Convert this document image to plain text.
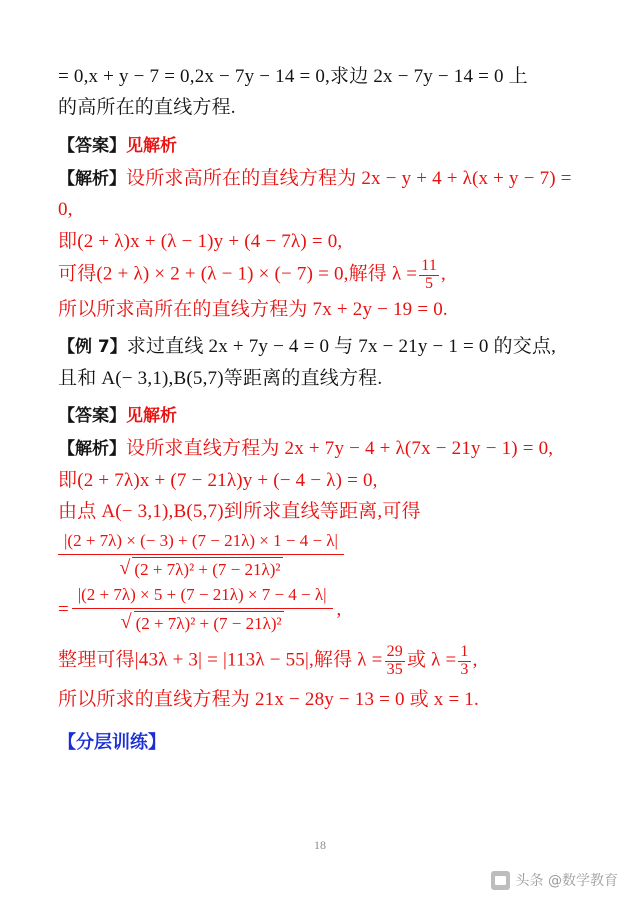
= 0,x + y − 7 = 0,2x − 7y − 14 = 0,求边 2x − 7y − 14 = 0 上
的高所在的直线方程.
【答案】见解析
【解析】设所求高所在的直线方程为 2x − y + 4 + λ(x + y − 7) =
0,
即(2 + λ)x + (λ − 1)y + (4 − 7λ) = 0,
可得(2 + λ) × 2 + (λ − 1) × (− 7) = 0,解得 $\lambda = \frac{11}{5}$ ,
所以所求高所在的直线方程为 7x + 2y − 19 = 0.
【例 7】求过直线 2x + 7y − 4 = 0 与 7x − 21y − 1 = 0 的交点,
且和 A(− 3,1),B(5,7)等距离的直线方程.
【答案】见解析
【解析】设所求直线方程为 2x + 7y − 4 + λ(7x − 21y − 1) = 0,
即(2 + 7λ)x + (7 − 21λ)y + (− 4 − λ) = 0,
由点 A(− 3,1),B(5,7)到所求直线等距离,可得
$\frac{|(2 + 7\lambda) \times (- 3) + (7 - 21\lambda) \times 1 - 4 - \lambda|}{\text{√ (2 + 7λ)² + (7 − 21λ)²}}$
= $\frac{|(2 + 7\lambda) \times 5 + (7 - 21\lambda) \times 7 - 4 - \lambda|}{\text{√ (2 + 7λ)² + (7 − 21λ)²}}$ ,
整理可得|43λ + 3| = |113λ − 55|,解得 $\lambda = \frac{29}{35}$ 或 $\lambda = \frac{1}{3}$ ,
所以所求的直线方程为 21x − 28y − 13 = 0 或 x = 1.
【分层训练】
18
头条 @数学教育
